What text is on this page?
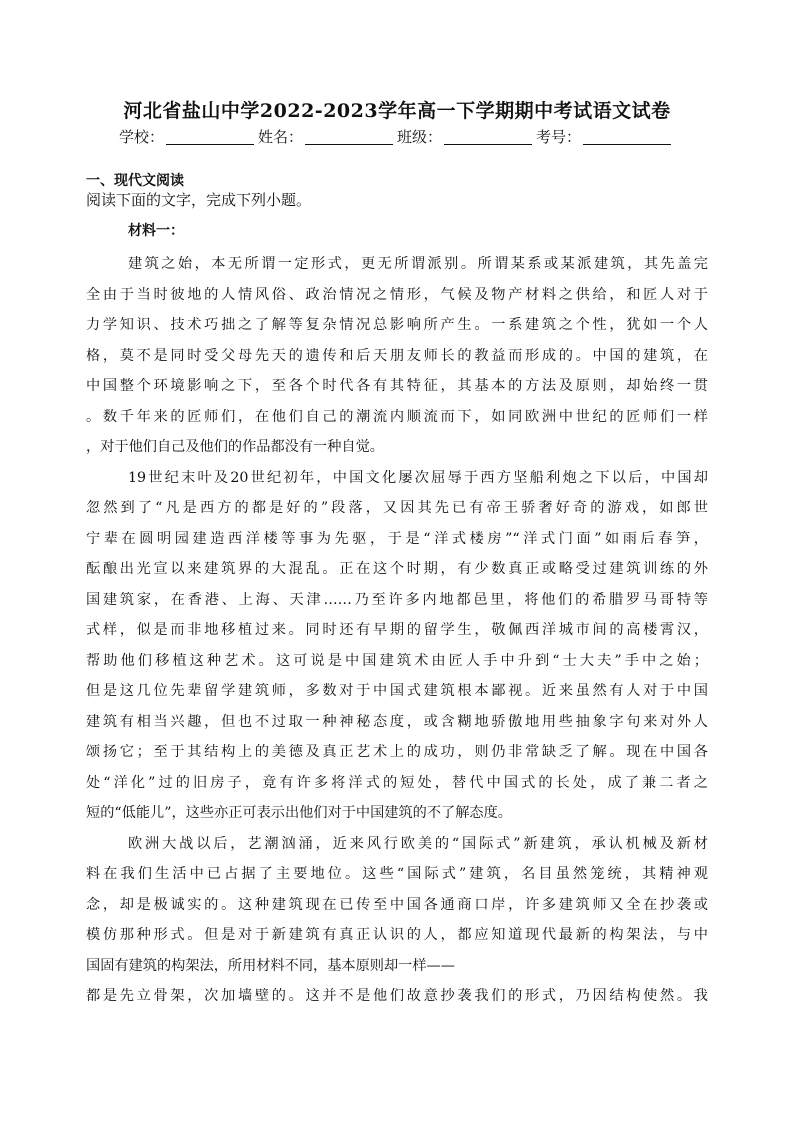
河北省盐山中学2022-2023学年高一下学期期中考试语文试卷
学校：	姓名：	班级：	考号：
一、现代文阅读
阅读下面的文字，完成下列小题。
材料一：
建筑之始，本无所谓一定形式，更无所谓派别。所谓某系或某派建筑，其先盖完
全由于当时彼地的人情风俗、政治情况之情形，气候及物产材料之供给，和匠人对于
力学知识、技术巧拙之了解等复杂情况总影响所产生。一系建筑之个性，犹如一个人
格，莫不是同时受父母先天的遗传和后天朋友师长的教益而形成的。中国的建筑，在
中国整个环境影响之下，至各个时代各有其特征，其基本的方法及原则，却始终一贯
。数千年来的匠师们，在他们自己的潮流内顺流而下，如同欧洲中世纪的匠师们一样
，对于他们自己及他们的作品都没有一种自觉。
19世纪末叶及20世纪初年，中国文化屡次屈辱于西方坚船利炮之下以后，中国却
忽然到了“凡是西方的都是好的”段落，又因其先已有帝王骄奢好奇的游戏，如郎世
宁辈在圆明园建造西洋楼等事为先驱，于是“洋式楼房”“洋式门面”如雨后春笋，
酝酿出光宣以来建筑界的大混乱。正在这个时期，有少数真正或略受过建筑训练的外
国建筑家，在香港、上海、天津……乃至许多内地都邑里，将他们的希腊罗马哥特等
式样，似是而非地移植过来。同时还有早期的留学生，敬佩西洋城市间的高楼霄汉，
帮助他们移植这种艺术。这可说是中国建筑术由匠人手中升到“士大夫”手中之始；
但是这几位先辈留学建筑师，多数对于中国式建筑根本鄙视。近来虽然有人对于中国
建筑有相当兴趣，但也不过取一种神秘态度，或含糊地骄傲地用些抽象字句来对外人
颂扬它；至于其结构上的美德及真正艺术上的成功，则仍非常缺乏了解。现在中国各
处“洋化”过的旧房子，竟有许多将洋式的短处，替代中国式的长处，成了兼二者之
短的“低能儿”，这些亦正可表示出他们对于中国建筑的不了解态度。
欧洲大战以后，艺潮汹涌，近来风行欧美的“国际式”新建筑，承认机械及新材
料在我们生活中已占据了主要地位。这些“国际式”建筑，名目虽然笼统，其精神观
念，却是极诚实的。这种建筑现在已传至中国各通商口岸，许多建筑师又全在抄袭或
模仿那种形式。但是对于新建筑有真正认识的人，都应知道现代最新的构架法，与中
国固有建筑的构架法，所用材料不同，基本原则却一样——
都是先立骨架，次加墙壁的。这并不是他们故意抄袭我们的形式，乃因结构使然。我
